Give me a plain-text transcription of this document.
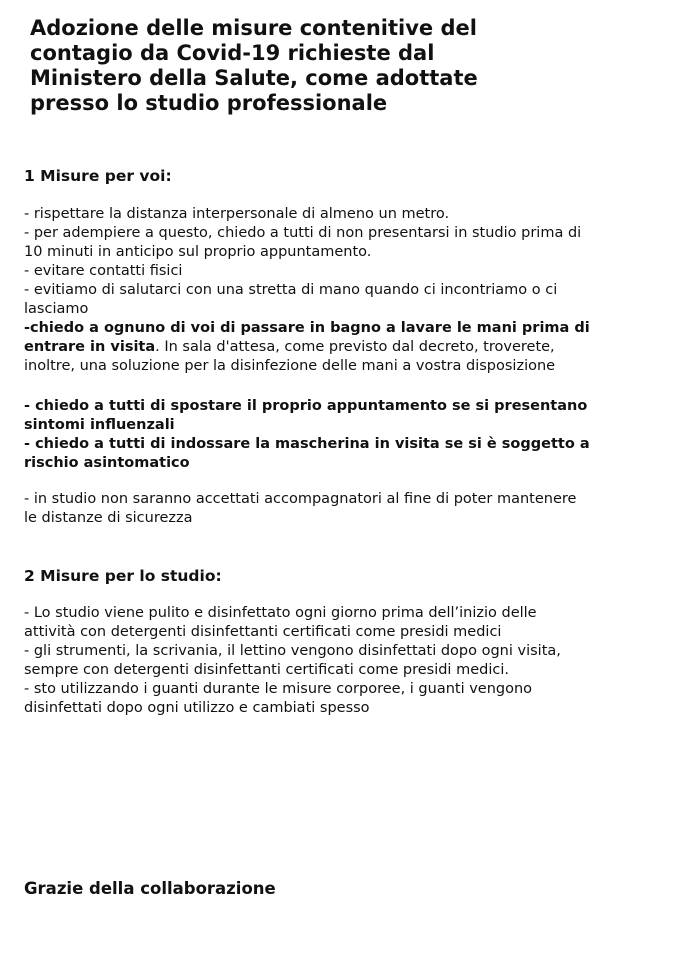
Adozione delle misure contenitive del
contagio da Covid-19 richieste dal
Ministero della Salute, come adottate
presso lo studio professionale
1 Misure per voi:
- rispettare la distanza interpersonale di almeno un metro.
- per adempiere a questo, chiedo a tutti di non presentarsi in studio prima di
10 minuti in anticipo sul proprio appuntamento.
- evitare contatti fisici
- evitiamo di salutarci con una stretta di mano quando ci incontriamo o ci
lasciamo
-chiedo a ognuno di voi di passare in bagno a lavare le mani prima di
entrare in visita. In sala d'attesa, come previsto dal decreto, troverete,
inoltre, una soluzione per la disinfezione delle mani a vostra disposizione
- chiedo a tutti di spostare il proprio appuntamento se si presentano
sintomi influenzali
- chiedo a tutti di indossare la mascherina in visita se si è soggetto a
rischio asintomatico
- in studio non saranno accettati accompagnatori al fine di poter mantenere
le distanze di sicurezza
2 Misure per lo studio:
- Lo studio viene pulito e disinfettato ogni giorno prima dell’inizio delle
attività con detergenti disinfettanti certificati come presidi medici
- gli strumenti, la scrivania, il lettino vengono disinfettati dopo ogni visita,
sempre con detergenti disinfettanti certificati come presidi medici.
- sto utilizzando i guanti durante le misure corporee, i guanti vengono
disinfettati dopo ogni utilizzo e cambiati spesso

Grazie della collaborazione
